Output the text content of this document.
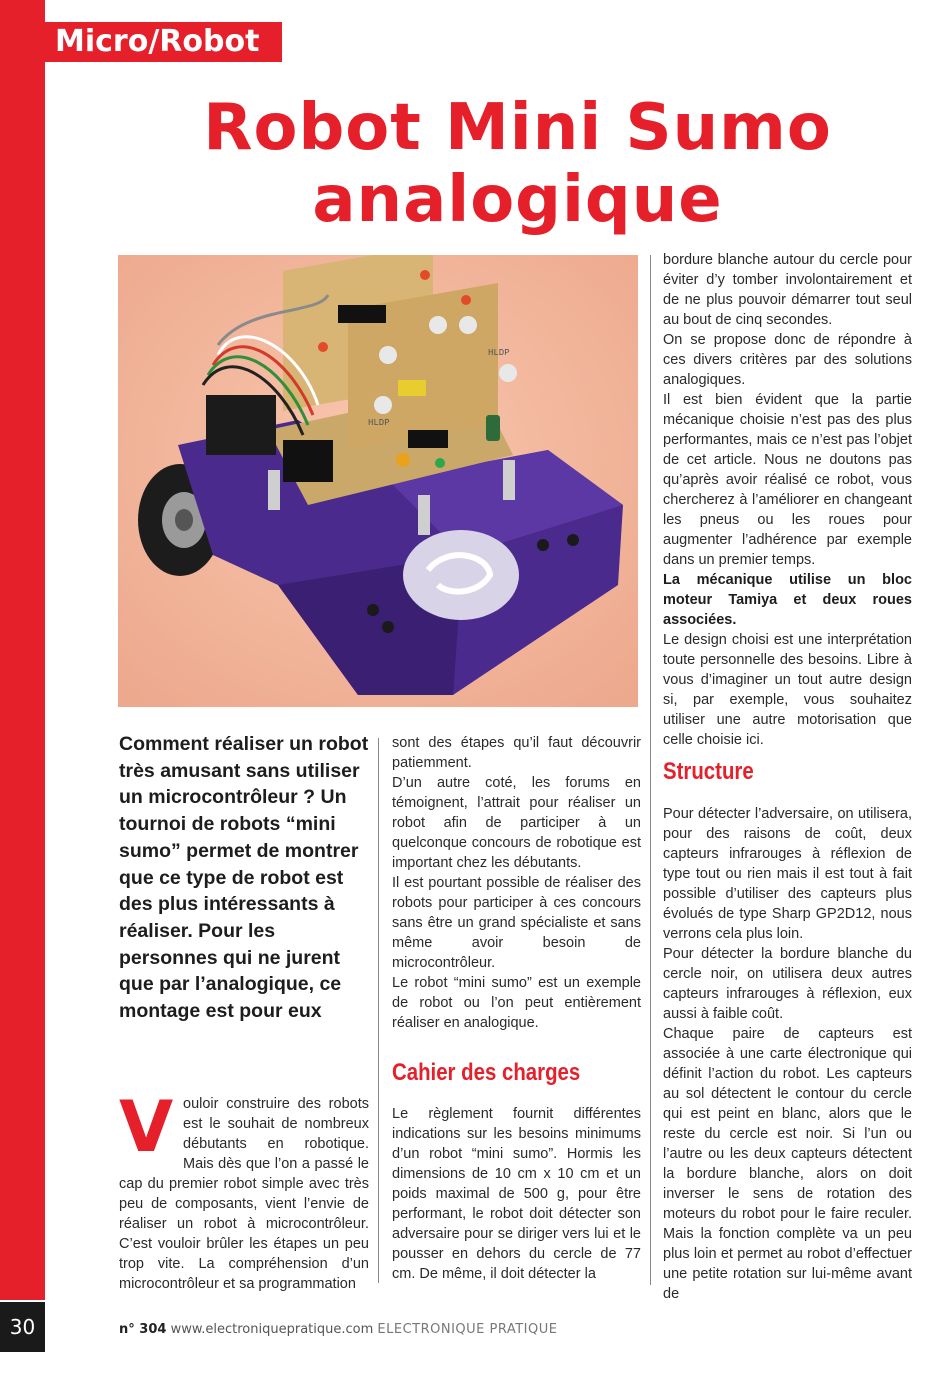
Micro/Robot
Robot Mini Sumo
analogique
HLDP
HLDP
Comment réaliser un robot très amusant sans utiliser un microcontrôleur ? Un tournoi de robots “mini sumo” permet de montrer que ce type de robot est des plus intéressants à réaliser. Pour les personnes qui ne jurent que par l’analogique, ce montage est pour eux
V ouloir construire des robots est le souhait de nombreux débutants en robotique. Mais dès que l’on a passé le cap du premier robot simple avec très peu de composants, vient l’envie de réaliser un robot à microcontrôleur. C’est vouloir brûler les étapes un peu trop vite. La compréhension d’un microcontrôleur et sa programmation

sont des étapes qu’il faut découvrir patiemment.

D’un autre coté, les forums en témoignent, l’attrait pour réaliser un robot afin de participer à un quelconque concours de robotique est important chez les débutants.

Il est pourtant possible de réaliser des robots pour participer à ces concours sans être un grand spécialiste et sans même avoir besoin de microcontrôleur.

Le robot “mini sumo” est un exemple de robot ou l’on peut entièrement réaliser en analogique.

Cahier des charges

Le règlement fournit différentes indications sur les besoins minimums d’un robot “mini sumo”. Hormis les dimensions de 10 cm x 10 cm et un poids maximal de 500 g, pour être performant, le robot doit détecter son adversaire pour se diriger vers lui et le pousser en dehors du cercle de 77 cm. De même, il doit détecter la

bordure blanche autour du cercle pour éviter d’y tomber involontairement et de ne plus pouvoir démarrer tout seul au bout de cinq secondes.

On se propose donc de répondre à ces divers critères par des solutions analogiques.

Il est bien évident que la partie mécanique choisie n’est pas des plus performantes, mais ce n’est pas l’objet de cet article. Nous ne doutons pas qu’après avoir réalisé ce robot, vous chercherez à l’améliorer en changeant les pneus ou les roues pour augmenter l’adhérence par exemple dans un premier temps.

La mécanique utilise un bloc moteur Tamiya et deux roues associées.

Le design choisi est une interprétation toute personnelle des besoins. Libre à vous d’imaginer un tout autre design si, par exemple, vous souhaitez utiliser une autre motorisation que celle choisie ici.

Structure

Pour détecter l’adversaire, on utilisera, pour des raisons de coût, deux capteurs infrarouges à réflexion de type tout ou rien mais il est tout à fait possible d’utiliser des capteurs plus évolués de type Sharp GP2D12, nous verrons cela plus loin.

Pour détecter la bordure blanche du cercle noir, on utilisera deux autres capteurs infrarouges à réflexion, eux aussi à faible coût.

Chaque paire de capteurs est associée à une carte électronique qui définit l’action du robot. Les capteurs au sol détectent le contour du cercle qui est peint en blanc, alors que le reste du cercle est noir. Si l’un ou l’autre ou les deux capteurs détectent la bordure blanche, alors on doit inverser le sens de rotation des moteurs du robot pour le faire reculer. Mais la fonction complète va un peu plus loin et permet au robot d’effectuer une petite rotation sur lui-même avant de

30	n° 304 www.electroniquepratique.com ELECTRONIQUE PRATIQUE
